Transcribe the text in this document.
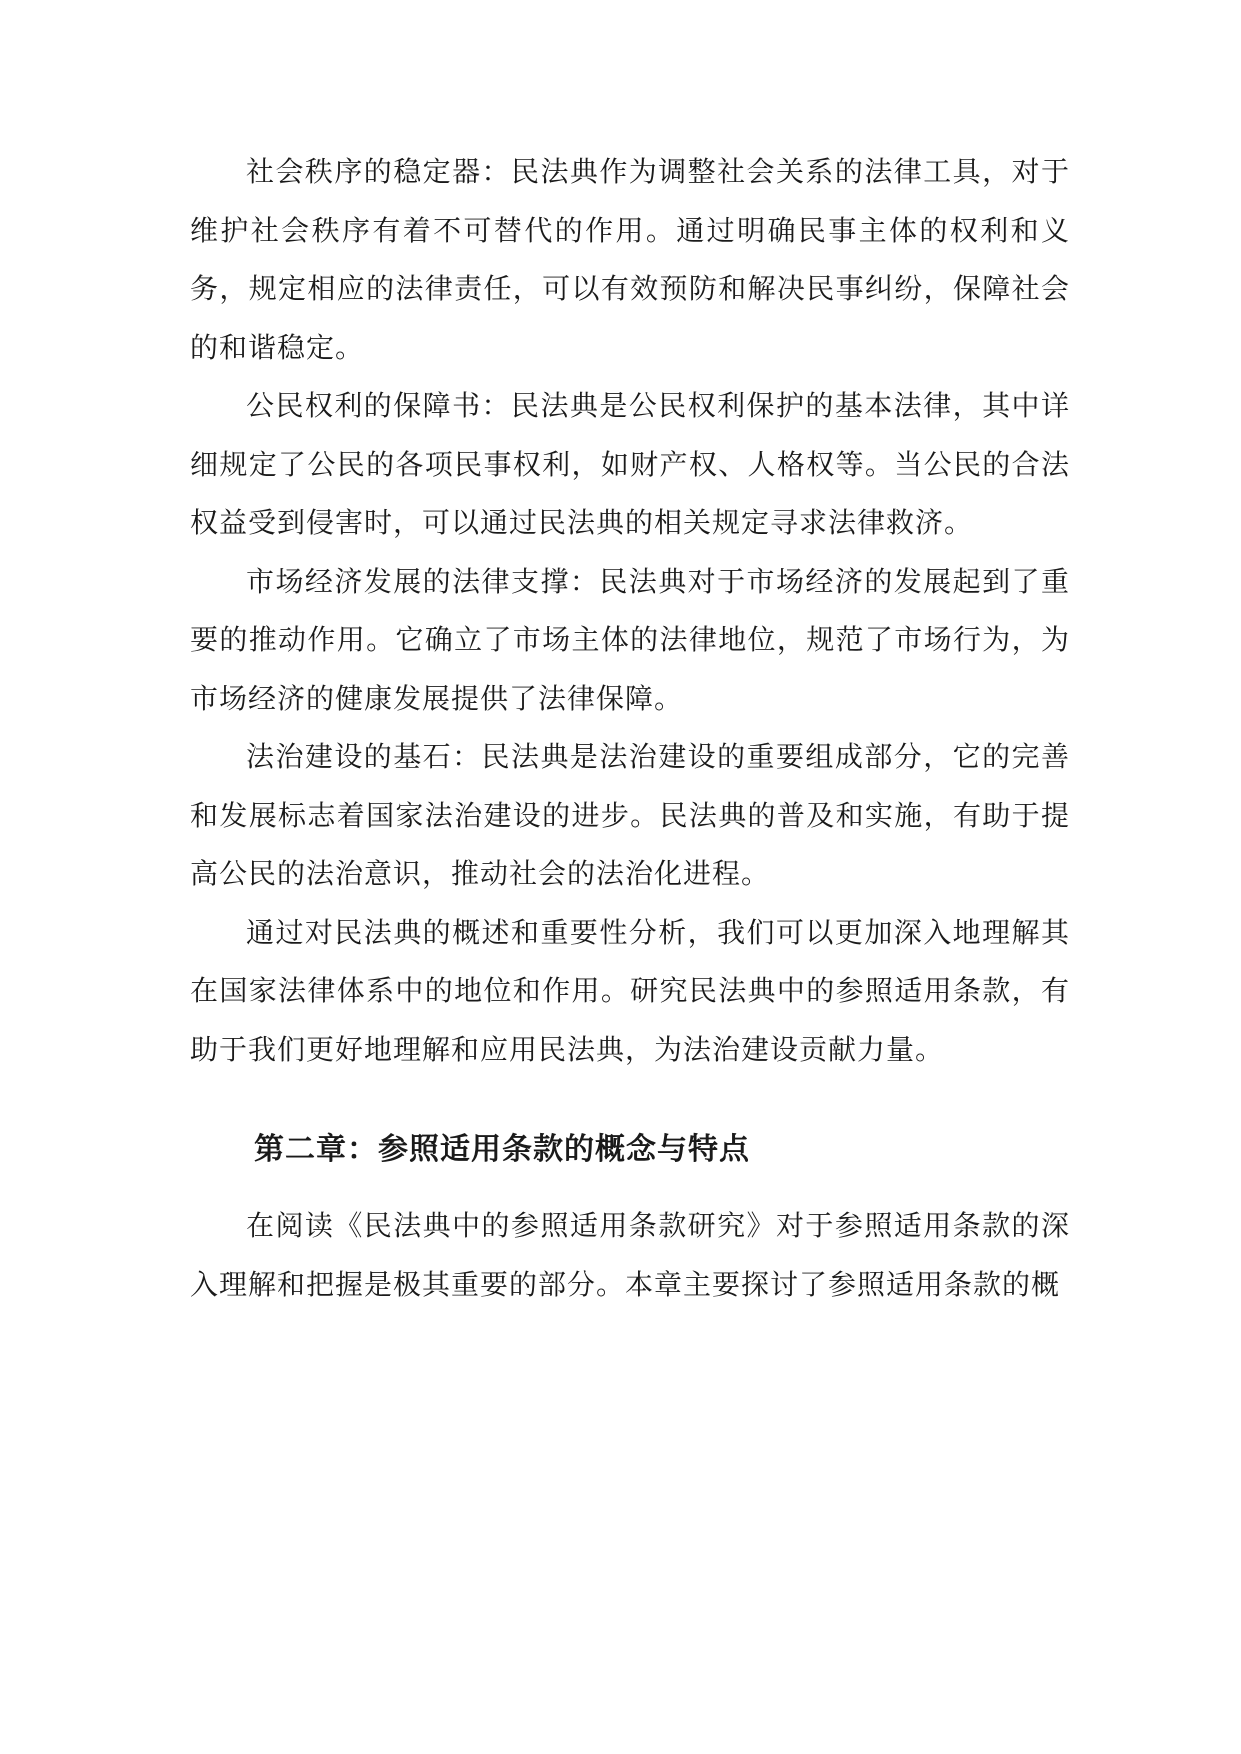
社会秩序的稳定器：民法典作为调整社会关系的法律工具，对于维护社会秩序有着不可替代的作用。通过明确民事主体的权利和义务，规定相应的法律责任，可以有效预防和解决民事纠纷，保障社会的和谐稳定。

公民权利的保障书：民法典是公民权利保护的基本法律，其中详细规定了公民的各项民事权利，如财产权、人格权等。当公民的合法权益受到侵害时，可以通过民法典的相关规定寻求法律救济。

市场经济发展的法律支撑：民法典对于市场经济的发展起到了重要的推动作用。它确立了市场主体的法律地位，规范了市场行为，为市场经济的健康发展提供了法律保障。

法治建设的基石：民法典是法治建设的重要组成部分，它的完善和发展标志着国家法治建设的进步。民法典的普及和实施，有助于提高公民的法治意识，推动社会的法治化进程。

通过对民法典的概述和重要性分析，我们可以更加深入地理解其在国家法律体系中的地位和作用。研究民法典中的参照适用条款，有助于我们更好地理解和应用民法典，为法治建设贡献力量。

第二章：参照适用条款的概念与特点

在阅读《民法典中的参照适用条款研究》对于参照适用条款的深入理解和把握是极其重要的部分。本章主要探讨了参照适用条款的概
